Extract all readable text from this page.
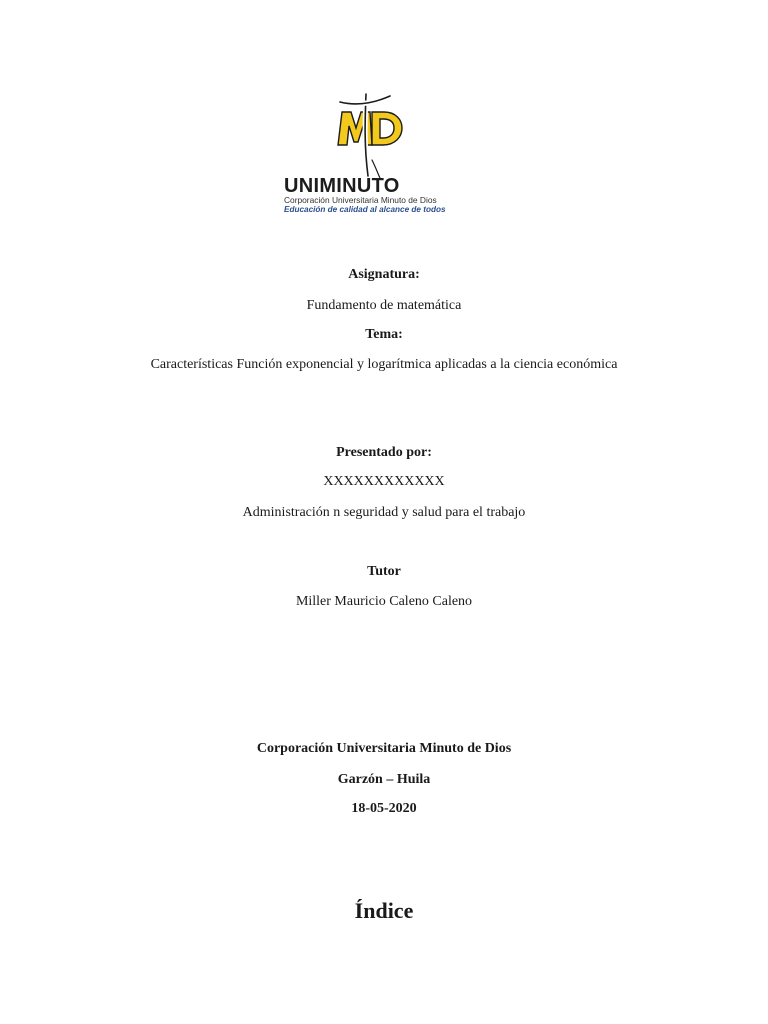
UNIMINUTO
Corporación Universitaria Minuto de Dios
Educación de calidad al alcance de todos
Asignatura:
Fundamento de matemática
Tema:
Características Función exponencial y logarítmica aplicadas a la ciencia económica
Presentado por:
XXXXXXXXXXXX
Administración n seguridad y salud para el trabajo
Tutor
Miller Mauricio Caleno Caleno
Corporación Universitaria Minuto de Dios
Garzón – Huila
18-05-2020
Índice
